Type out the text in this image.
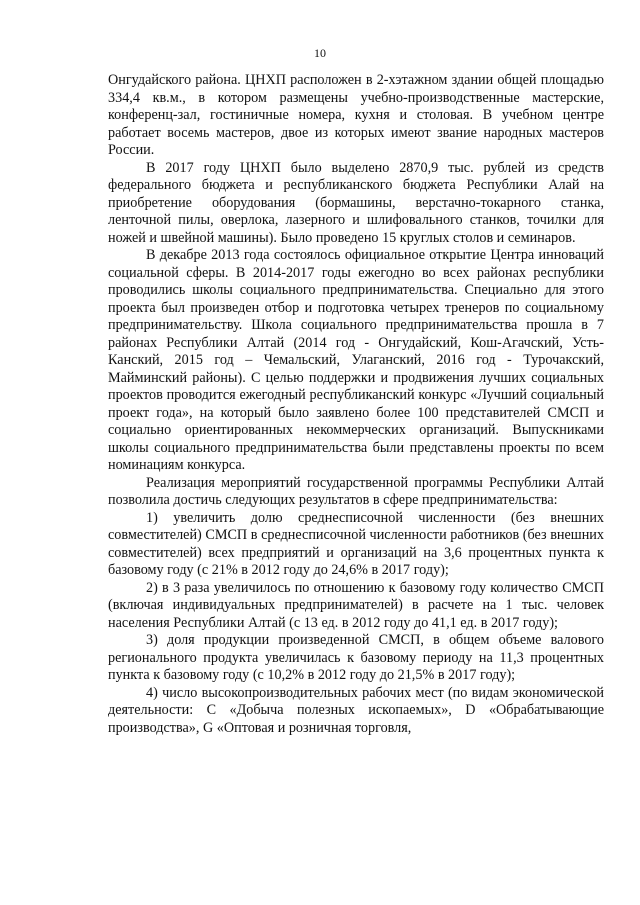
10

Онгудайского района. ЦНХП расположен в 2-хэтажном здании общей площадью 334,4 кв.м., в котором размещены учебно-производственные мастерские, конференц-зал, гостиничные номера, кухня и столовая. В учебном центре работает восемь мастеров, двое из которых имеют звание народных мастеров России.

В 2017 году ЦНХП было выделено 2870,9 тыс. рублей из средств федерального бюджета и республиканского бюджета Республики Алай на приобретение оборудования (бормашины, верстачно-токарного станка, ленточной пилы, оверлока, лазерного и шлифовального станков, точилки для ножей и швейной машины). Было проведено 15 круглых столов и семинаров.

В декабре 2013 года состоялось официальное открытие Центра инноваций социальной сферы. В 2014-2017 годы ежегодно во всех районах республики проводились школы социального предпринимательства. Специально для этого проекта был произведен отбор и подготовка четырех тренеров по социальному предпринимательству. Школа социального предпринимательства прошла в 7 районах Республики Алтай (2014 год - Онгудайский, Кош-Агачский, Усть-Канский, 2015 год – Чемальский, Улаганский, 2016 год - Турочакский, Майминский районы). С целью поддержки и продвижения лучших социальных проектов проводится ежегодный республиканский конкурс «Лучший социальный проект года», на который было заявлено более 100 представителей СМСП и социально ориентированных некоммерческих организаций. Выпускниками школы социального предпринимательства были представлены проекты по всем номинациям конкурса.

Реализация мероприятий государственной программы Республики Алтай позволила достичь следующих результатов в сфере предпринимательства:

1) увеличить долю среднесписочной численности (без внешних совместителей) СМСП в среднесписочной численности работников (без внешних совместителей) всех предприятий и организаций на 3,6 процентных пункта к базовому году (с 21% в 2012 году до 24,6% в 2017 году);

2) в 3 раза увеличилось по отношению к базовому году количество СМСП (включая индивидуальных предпринимателей) в расчете на 1 тыс. человек населения Республики Алтай (с 13 ед. в 2012 году до 41,1 ед. в 2017 году);

3) доля продукции произведенной СМСП, в общем объеме валового регионального продукта увеличилась к базовому периоду на 11,3 процентных пункта к базовому году (с 10,2% в 2012 году до 21,5% в 2017 году);

4) число высокопроизводительных рабочих мест (по видам экономической деятельности: С «Добыча полезных ископаемых», D «Обрабатывающие производства», G «Оптовая и розничная торговля,
